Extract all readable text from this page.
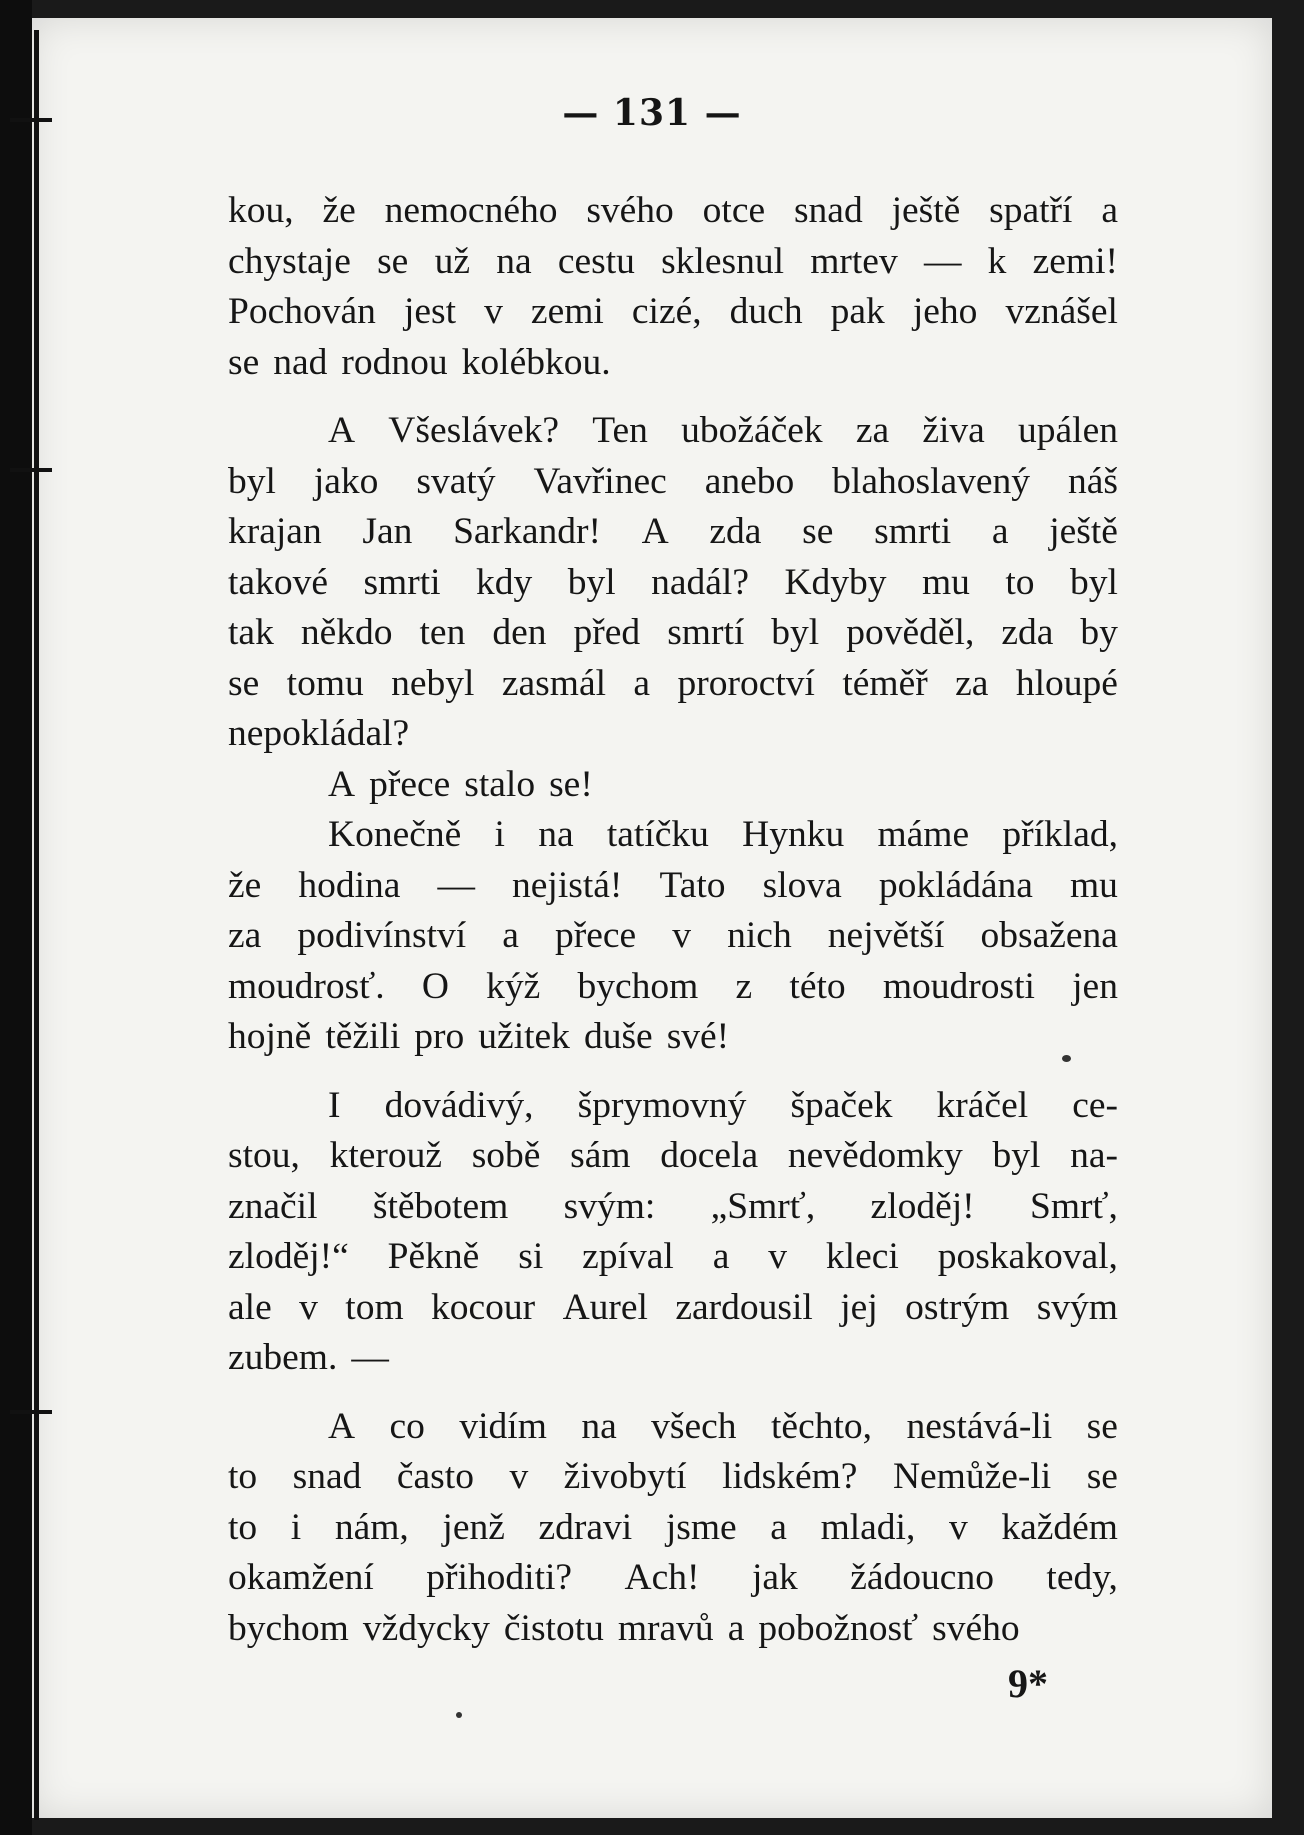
— 131 —
kou, že nemocného svého otce snad ještě spatří a
chystaje se už na cestu sklesnul mrtev — k zemi!
Pochován jest v zemi cizé, duch pak jeho vznášel
se nad rodnou kolébkou.
A Všeslávek? Ten ubožáček za živa upálen
byl jako svatý Vavřinec anebo blahoslavený náš
krajan Jan Sarkandr! A zda se smrti a ještě
takové smrti kdy byl nadál? Kdyby mu to byl
tak někdo ten den před smrtí byl pověděl, zda by
se tomu nebyl zasmál a proroctví téměř za hloupé
nepokládal?
A přece stalo se!
Konečně i na tatíčku Hynku máme příklad,
že hodina — nejistá! Tato slova pokládána mu
za podivínství a přece v nich největší obsažena
moudrosť. O kýž bychom z této moudrosti jen
hojně těžili pro užitek duše své!
I dovádivý, šprymovný špaček kráčel ce-
stou, kterouž sobě sám docela nevědomky byl na-
značil štěbotem svým: „Smrť, zloděj! Smrť,
zloděj!“ Pěkně si zpíval a v kleci poskakoval,
ale v tom kocour Aurel zardousil jej ostrým svým
zubem. —
A co vidím na všech těchto, nestává-li se
to snad často v živobytí lidském? Nemůže-li se
to i nám, jenž zdravi jsme a mladi, v každém
okamžení přihoditi? Ach! jak žádoucno tedy,
bychom vždycky čistotu mravů a pobožnosť svého
9*
